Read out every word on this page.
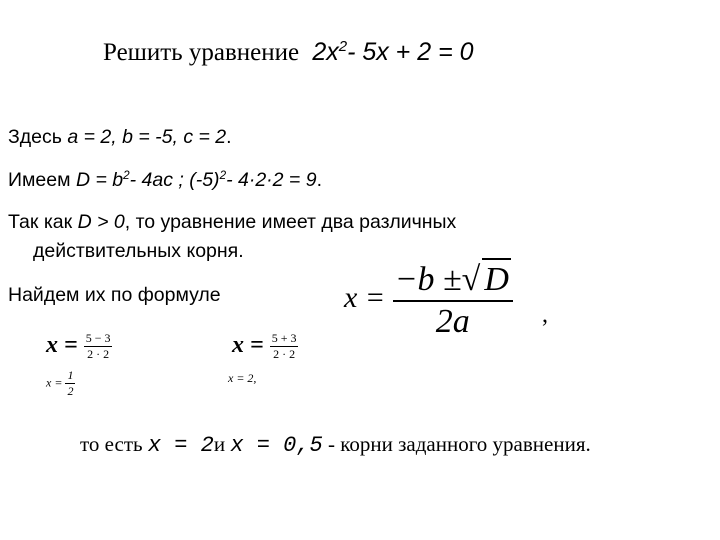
Решить уравнение $2x^2-$ 5x + 2 = 0
Здесь a = 2, b = -5, c = 2.
Имеем $D = b^2-$ 4ac ; $(-5)^2-$ 4·2·2 = 9.
Так как D > 0, то уравнение имеет два различных
действительных корня.
Найдем их по формуле	$x = \frac{-b \pm√ D}{2a}$ ,
$x = \frac{5 - 3}{2 \cdot 2}$	$x = \frac{5 + 3}{2 \cdot 2}$
$x = \frac{1}{2}$	x = 2,
то есть x = 2и x = 0,5 - корни заданного уравнения.
